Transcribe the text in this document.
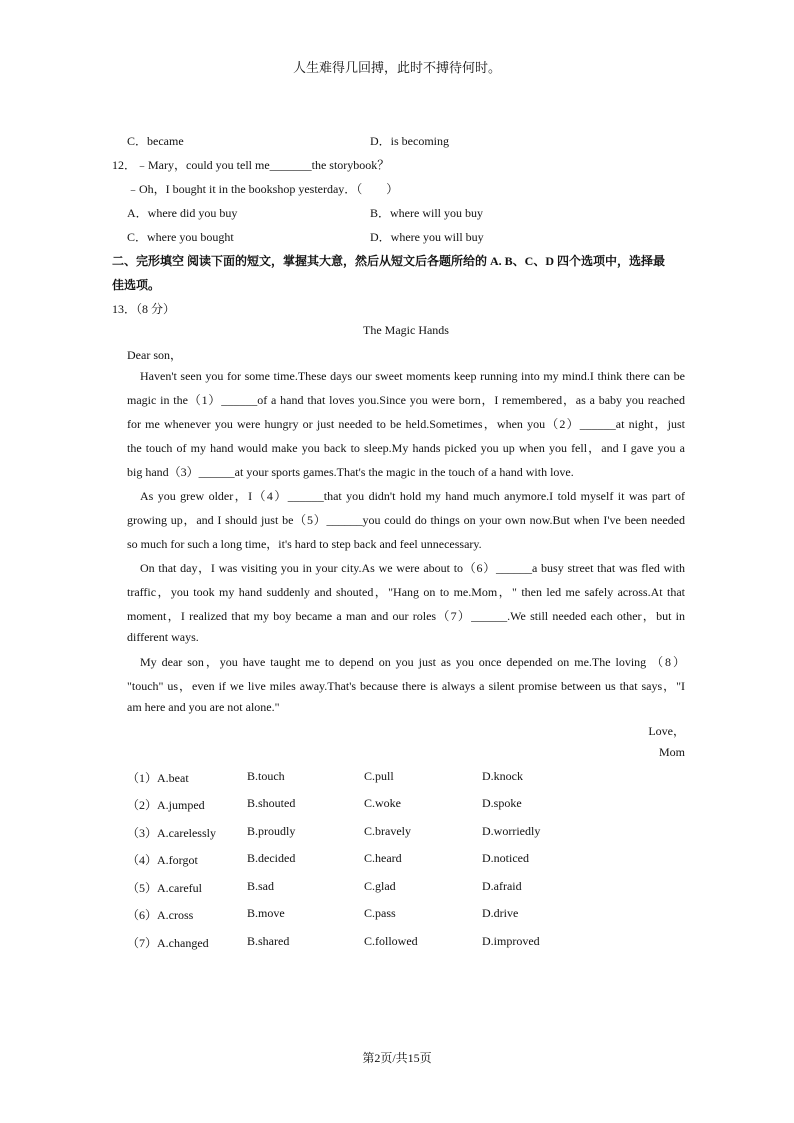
人生难得几回搏，此时不搏待何时。
C．became	D．is becoming
12．﹣Mary，could you tell me_______the storybook？
﹣Oh，I bought it in the bookshop yesterday．（　　）
A．where did you buy	B．where will you buy
C．where you bought	D．where you will buy
二、完形填空 阅读下面的短文，掌握其大意，然后从短文后各题所给的 A. B、C、D 四个选项中，选择最
佳选项。
13．（8 分）
The Magic Hands
Dear son，
Haven't seen you for some time.These days our sweet moments keep running into my mind.I think there can be
magic in the（1）______of a hand that loves you.Since you were born，I remembered，as a baby you reached
for me whenever you were hungry or just needed to be held.Sometimes，when you（2）______at night，just
the touch of my hand would make you back to sleep.My hands picked you up when you fell，and I gave you a
big hand（3）______at your sports games.That's the magic in the touch of a hand with love.
As you grew older，I（4）______that you didn't hold my hand much anymore.I told myself it was part of
growing up，and I should just be（5）______you could do things on your own now.But when I've been needed
so much for such a long time，it's hard to step back and feel unnecessary.
On that day，I was visiting you in your city.As we were about to（6）______a busy street that was fled with
traffic，you took my hand suddenly and shouted，"Hang on to me.Mom，" then led me safely across.At that
moment，I realized that my boy became a man and our roles（7）______.We still needed each other，but in
different ways.
My dear son，you have taught me to depend on you just as you once depended on me.The loving （8）
"touch" us，even if we live miles away.That's because there is always a silent promise between us that says，"I
am here and you are not alone."
Love，
Mom
（1）A.beat	B.touch	C.pull	D.knock
（2）A.jumped	B.shouted	C.woke	D.spoke
（3）A.carelessly	B.proudly	C.bravely	D.worriedly
（4）A.forgot	B.decided	C.heard	D.noticed
（5）A.careful	B.sad	C.glad	D.afraid
（6）A.cross	B.move	C.pass	D.drive
（7）A.changed	B.shared	C.followed	D.improved
第2页/共15页
